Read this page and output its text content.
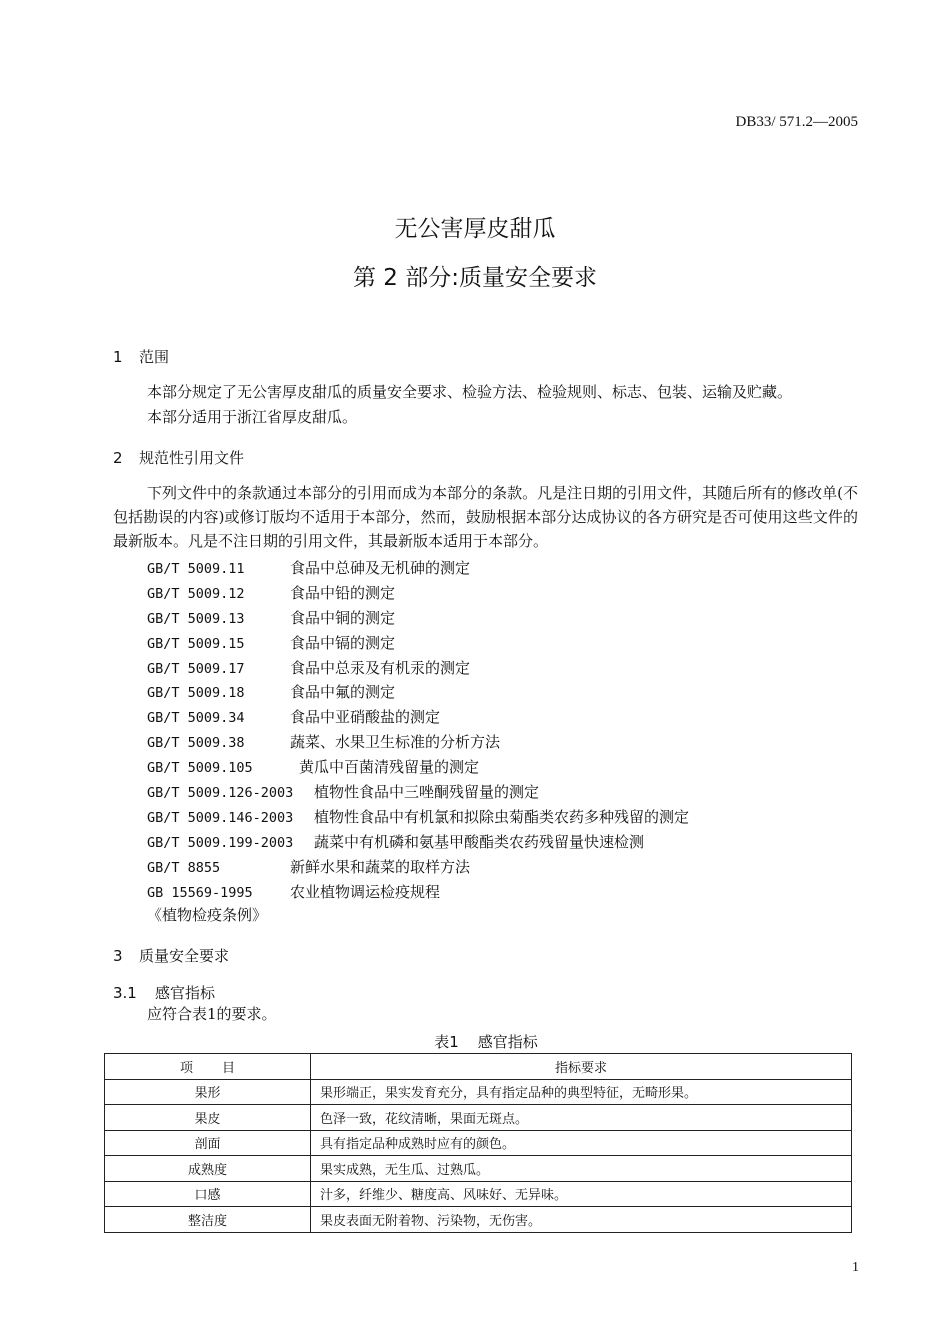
DB33/ 571.2—2005
无公害厚皮甜瓜
第 2 部分:质量安全要求
1 范围
本部分规定了无公害厚皮甜瓜的质量安全要求、检验方法、检验规则、标志、包装、运输及贮藏。
本部分适用于浙江省厚皮甜瓜。
2 规范性引用文件
下列文件中的条款通过本部分的引用而成为本部分的条款。凡是注日期的引用文件，其随后所有的修改单(不包括勘误的内容)或修订版均不适用于本部分，然而，鼓励根据本部分达成协议的各方研究是否可使用这些文件的最新版本。凡是不注日期的引用文件，其最新版本适用于本部分。
GB/T 5009.11	食品中总砷及无机砷的测定
GB/T 5009.12	食品中铅的测定
GB/T 5009.13	食品中铜的测定
GB/T 5009.15	食品中镉的测定
GB/T 5009.17	食品中总汞及有机汞的测定
GB/T 5009.18	食品中氟的测定
GB/T 5009.34	食品中亚硝酸盐的测定
GB/T 5009.38	蔬菜、水果卫生标准的分析方法
GB/T 5009.105	黄瓜中百菌清残留量的测定
GB/T 5009.126-2003 植物性食品中三唑酮残留量的测定
GB/T 5009.146-2003 植物性食品中有机氯和拟除虫菊酯类农药多种残留的测定
GB/T 5009.199-2003 蔬菜中有机磷和氨基甲酸酯类农药残留量快速检测
GB/T 8855	新鲜水果和蔬菜的取样方法
GB 15569-1995 农业植物调运检疫规程
《植物检疫条例》
3 质量安全要求
3.1 感官指标
应符合表1的要求。
表1    感官指标
项       目	指标要求
果形	果形端正，果实发育充分，具有指定品种的典型特征，无畸形果。
果皮	色泽一致，花纹清晰，果面无斑点。
剖面	具有指定品种成熟时应有的颜色。
成熟度	果实成熟，无生瓜、过熟瓜。
口感	汁多，纤维少、糖度高、风味好、无异味。
整洁度	果皮表面无附着物、污染物，无伤害。
1
